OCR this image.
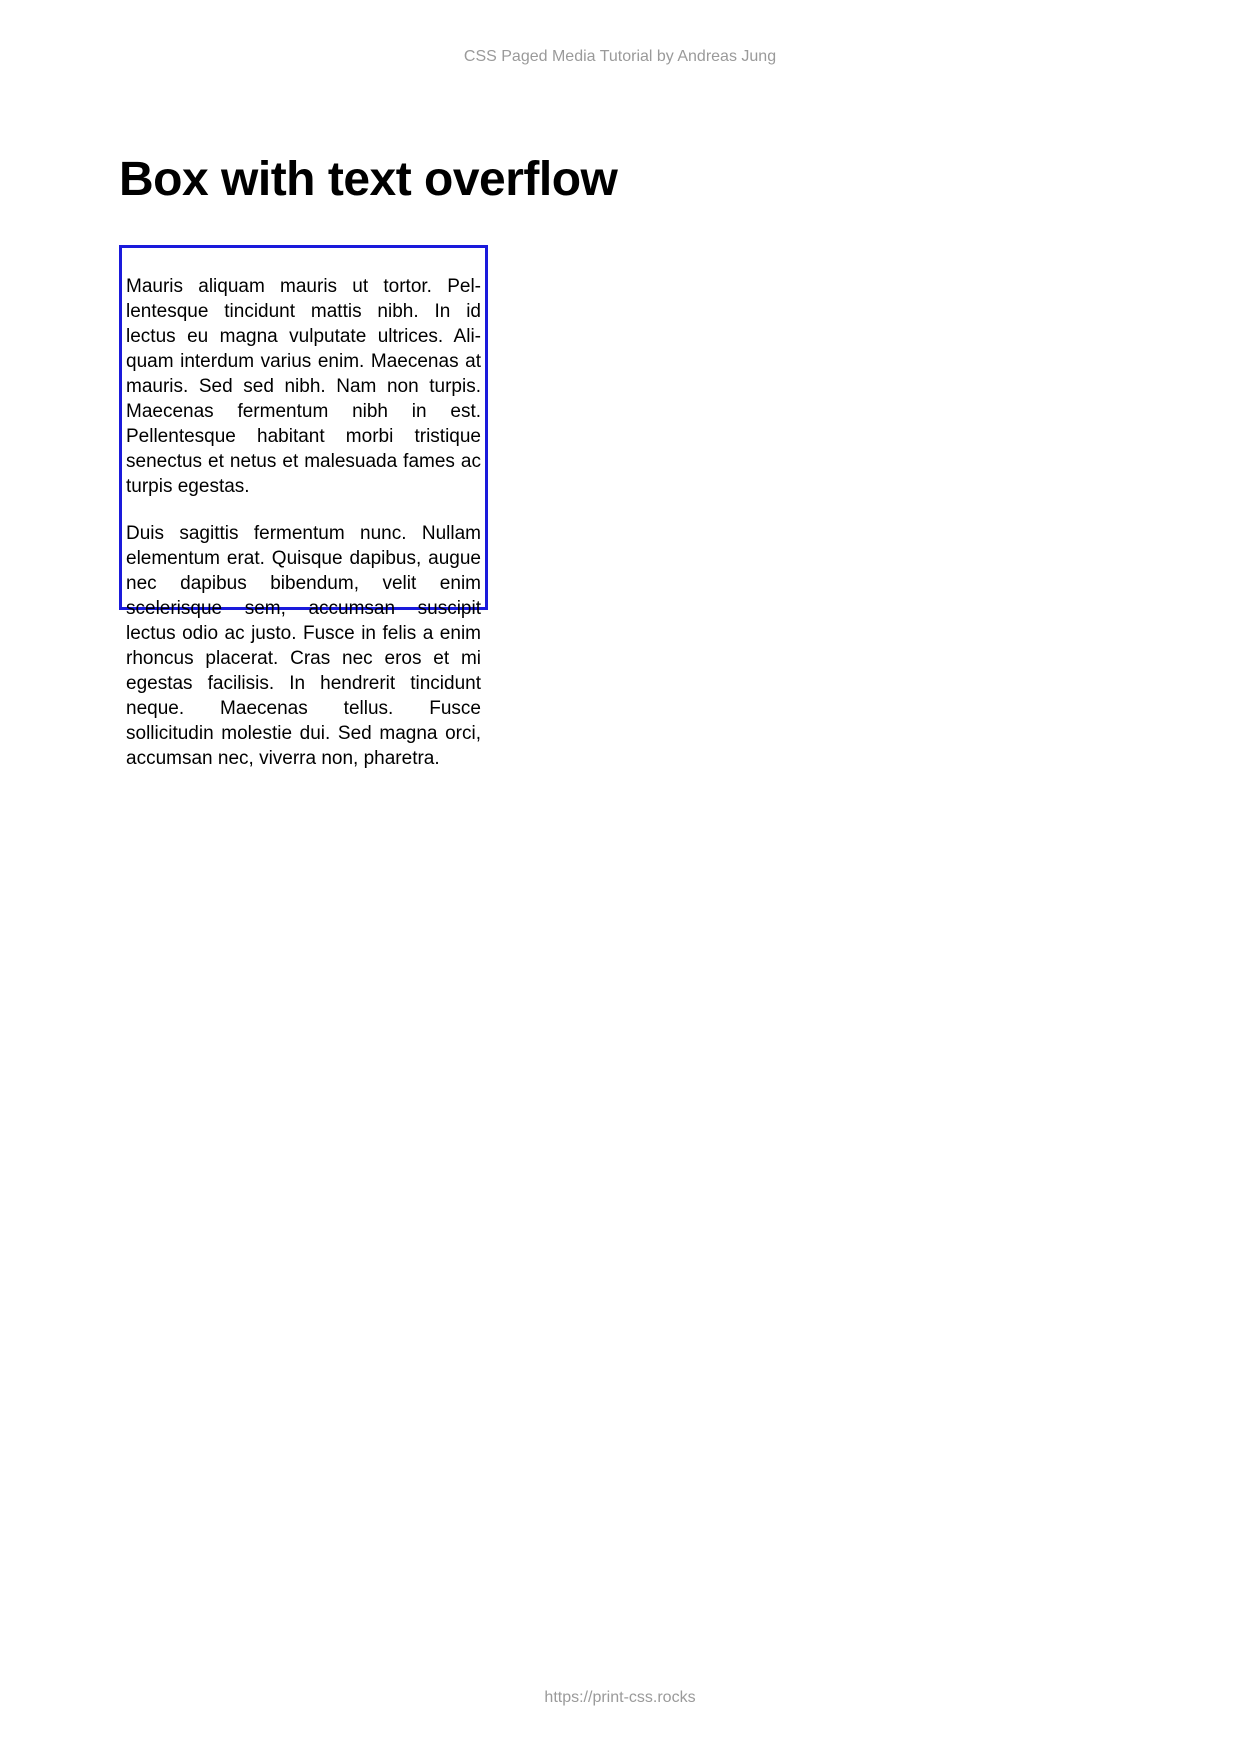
CSS Paged Media Tutorial by Andreas Jung
Box with text overflow

Mauris aliquam mauris ut tortor. Pellentesque tincidunt mattis nibh. In id lectus eu magna vulputate ultrices. Aliquam interdum varius enim. Maecenas at mauris. Sed sed nibh. Nam non turpis. Maecenas fermentum nibh in est. Pellentesque habitant morbi tristique senectus et netus et malesuada fames ac turpis egestas.

Duis sagittis fermentum nunc. Nullam elementum erat. Quisque dapibus, augue nec dapibus bibendum, velit enim scelerisque sem, accumsan suscipit lectus odio ac justo. Fusce in felis a enim rhoncus placerat. Cras nec eros et mi egestas facilisis. In hendrerit tincidunt neque. Maecenas tellus. Fusce sollicitudin molestie dui. Sed magna orci, accumsan nec, viverra non, pharetra.

https://print-css.rocks
